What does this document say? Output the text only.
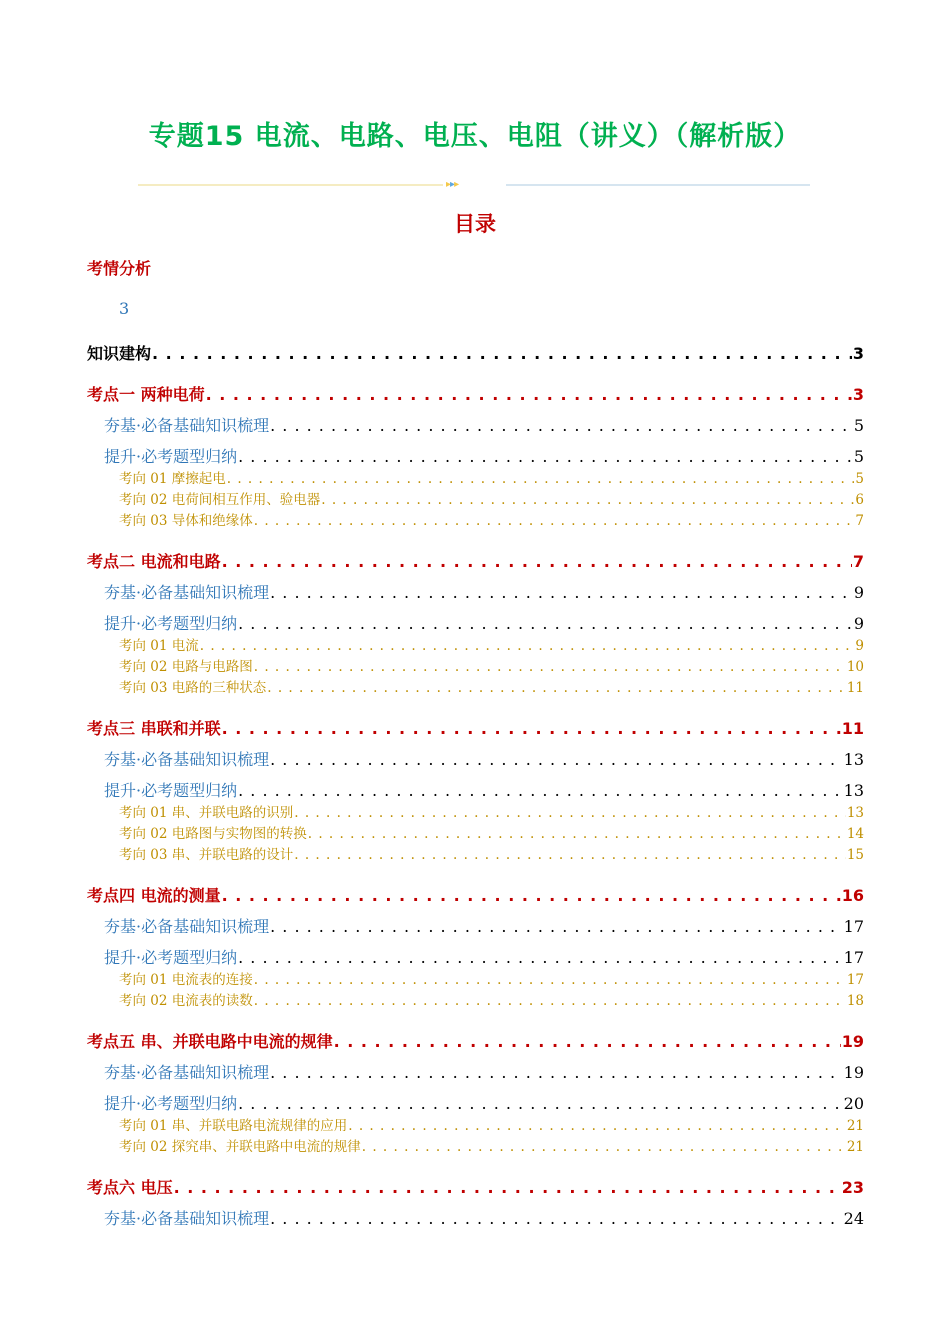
专题15 电流、电路、电压、电阻（讲义）（解析版）
▸▸▸
目录
考情分析
3
知识建构 . . .	3
考点一 两种电荷 . . .	3
夯基·必备基础知识梳理 . . .	5
提升·必考题型归纳 . . .	5
考向 01 摩擦起电 . . .	5
考向 02 电荷间相互作用、验电器 . . .	6
考向 03 导体和绝缘体 . . .	7
考点二 电流和电路 . . .	7
夯基·必备基础知识梳理 . . .	9
提升·必考题型归纳 . . .	9
考向 01 电流 . . .	9
考向 02 电路与电路图 . . .	10
考向 03 电路的三种状态 . . .	11
考点三 串联和并联 . . .	11
夯基·必备基础知识梳理 . . .	13
提升·必考题型归纳 . . .	13
考向 01 串、并联电路的识别 . . .	13
考向 02 电路图与实物图的转换 . . .	14
考向 03 串、并联电路的设计 . . .	15
考点四 电流的测量 . . .	16
夯基·必备基础知识梳理 . . .	17
提升·必考题型归纳 . . .	17
考向 01 电流表的连接 . . .	17
考向 02 电流表的读数 . . .	18
考点五 串、并联电路中电流的规律 . . .	19
夯基·必备基础知识梳理 . . .	19
提升·必考题型归纳 . . .	20
考向 01 串、并联电路电流规律的应用 . . .	21
考向 02 探究串、并联电路中电流的规律 . . .	21
考点六 电压 . . .	23
夯基·必备基础知识梳理 . . .	24
